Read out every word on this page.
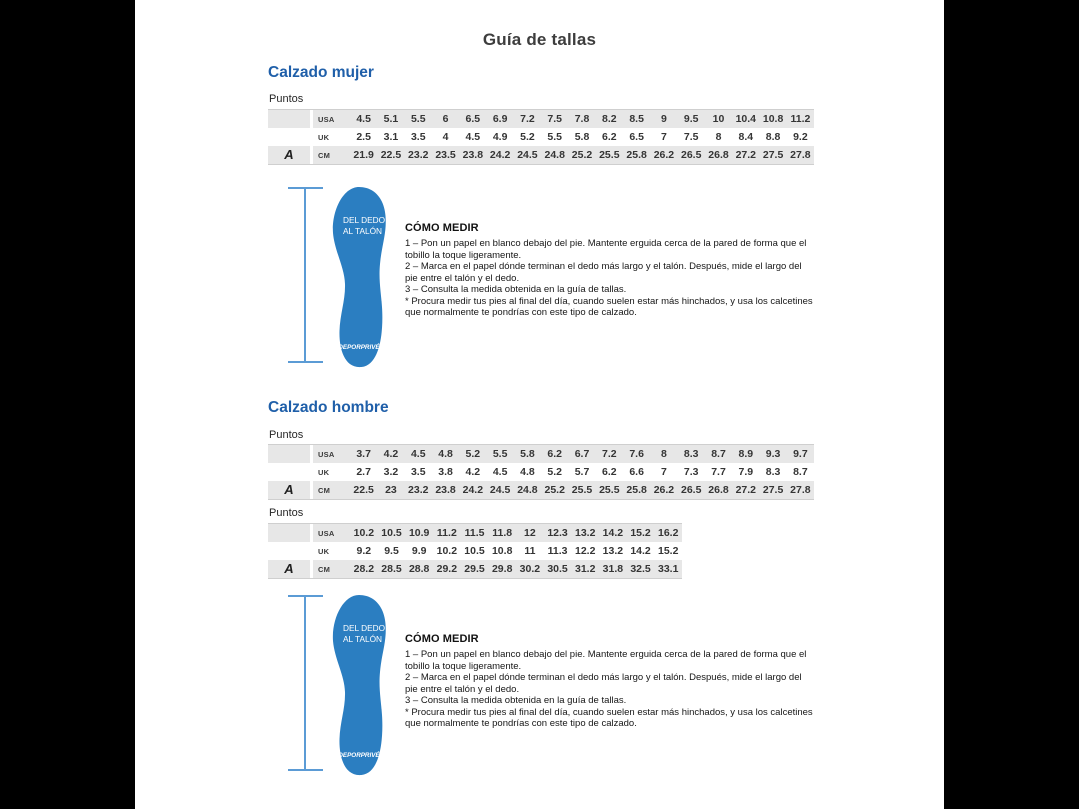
Guía de tallas
Calzado mujer
Puntos
USA	4.5	5.1	5.5	6	6.5	6.9	7.2	7.5	7.8	8.2	8.5	9	9.5	10	10.4 10.8 11.2
UK	2.5	3.1	3.5	4	4.5	4.9	5.2	5.5	5.8	6.2	6.5	7	7.5	8	8.4	8.8	9.2
A	CM	21.9 22.5 23.2 23.5 23.8 24.2 24.5 24.8 25.2 25.5 25.8 26.2 26.5 26.8 27.2 27.5 27.8
DEL DEDO
AL TALÓN
DEPORPRIVÉ
CÓMO MEDIR
1 – Pon un papel en blanco debajo del pie. Mantente erguida cerca de la pared de forma que el tobillo la toque ligeramente.
2 – Marca en el papel dónde terminan el dedo más largo y el talón. Después, mide el largo del pie entre el talón y el dedo.
3 – Consulta la medida obtenida en la guía de tallas.
* Procura medir tus pies al final del día, cuando suelen estar más hinchados, y usa los calcetines que normalmente te pondrías con este tipo de calzado.
Calzado hombre
Puntos
USA	3.7	4.2	4.5	4.8	5.2	5.5	5.8	6.2	6.7	7.2	7.6	8	8.3	8.7	8.9	9.3	9.7
UK	2.7	3.2	3.5	3.8	4.2	4.5	4.8	5.2	5.7	6.2	6.6	7	7.3	7.7	7.9	8.3	8.7
A	CM	22.5	23	23.2 23.8 24.2 24.5 24.8 25.2 25.5 25.5 25.8 26.2 26.5 26.8 27.2 27.5 27.8
Puntos
USA	10.2 10.5 10.9 11.2 11.5 11.8	12	12.3 13.2 14.2 15.2 16.2
UK	9.2	9.5	9.9 10.2 10.5 10.8	11	11.3 12.2 13.2 14.2 15.2
A	CM	28.2 28.5 28.8 29.2 29.5 29.8 30.2 30.5 31.2 31.8 32.5 33.1
DEL DEDO
AL TALÓN
DEPORPRIVÉ
CÓMO MEDIR
1 – Pon un papel en blanco debajo del pie. Mantente erguida cerca de la pared de forma que el tobillo la toque ligeramente.
2 – Marca en el papel dónde terminan el dedo más largo y el talón. Después, mide el largo del pie entre el talón y el dedo.
3 – Consulta la medida obtenida en la guía de tallas.
* Procura medir tus pies al final del día, cuando suelen estar más hinchados, y usa los calcetines que normalmente te pondrías con este tipo de calzado.
